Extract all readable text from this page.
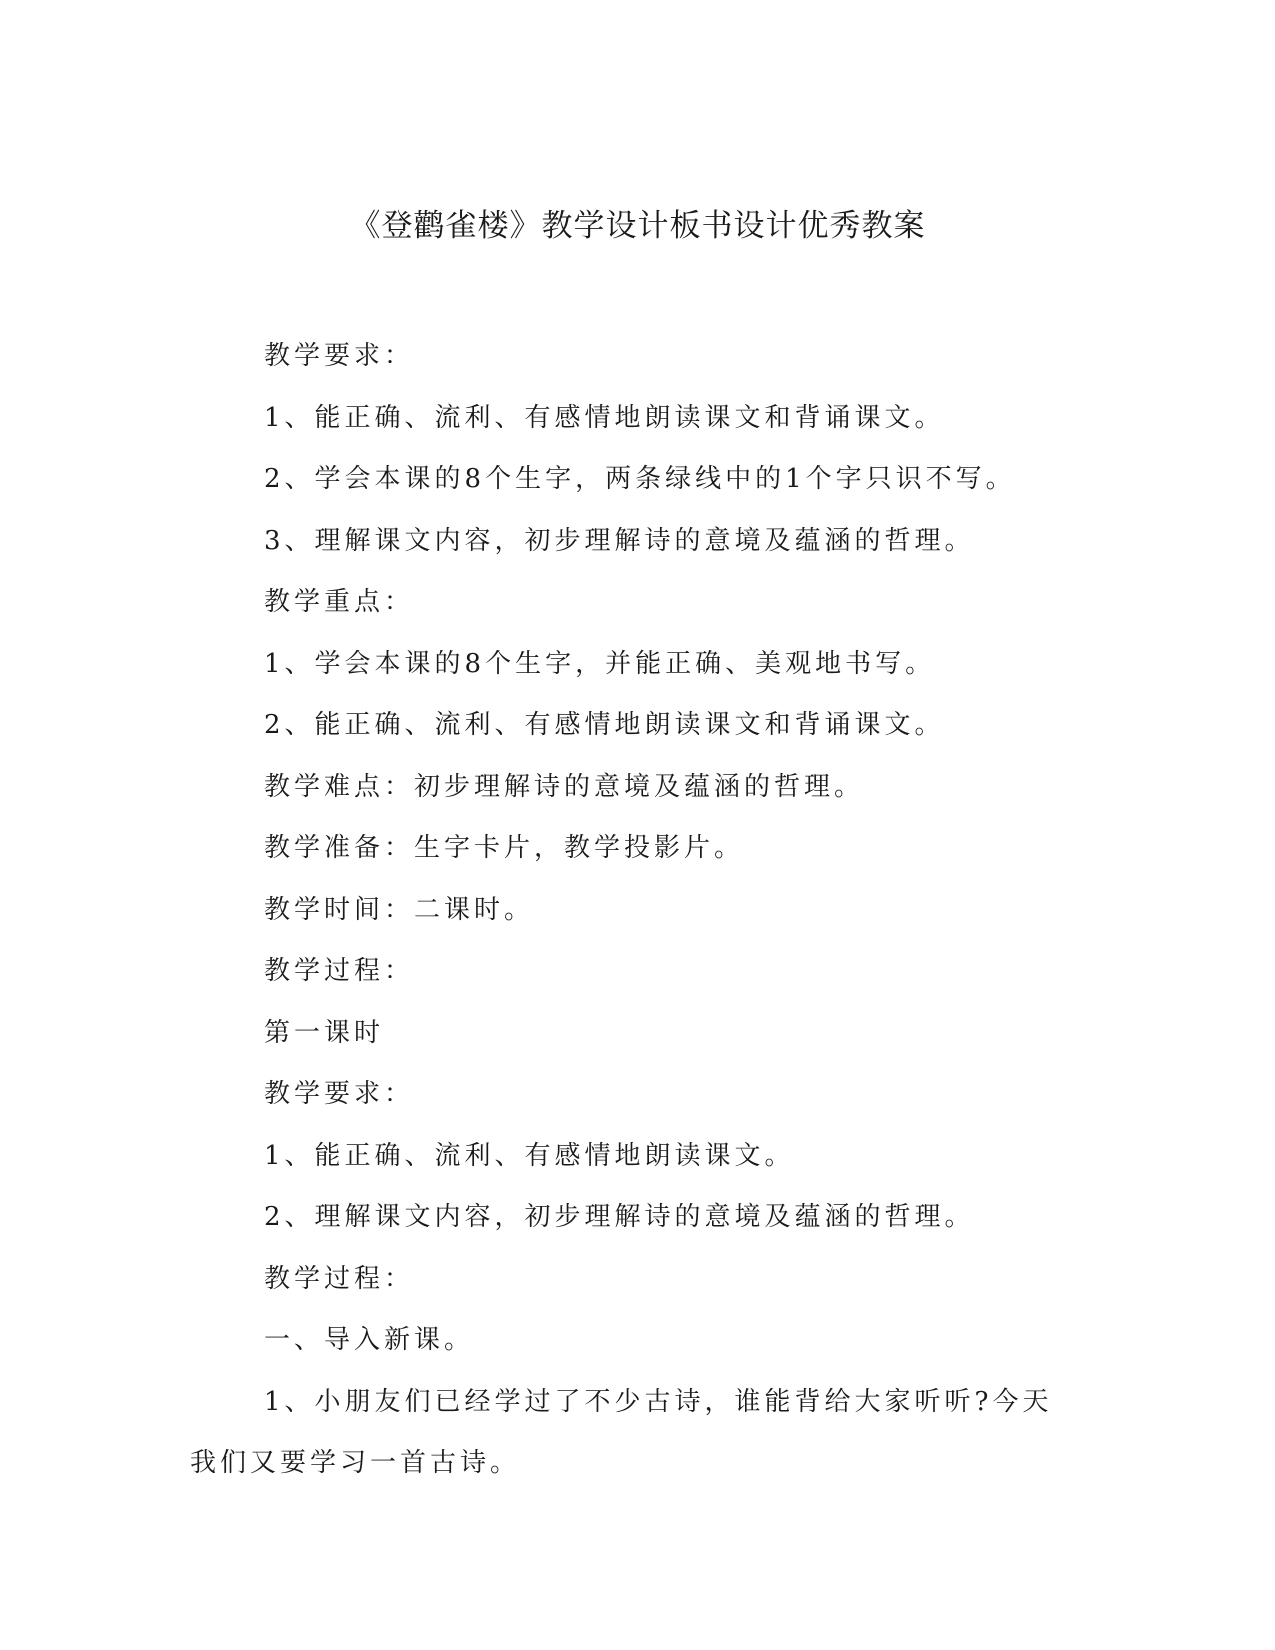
《登鹳雀楼》教学设计板书设计优秀教案

教学要求：

1、能正确、流利、有感情地朗读课文和背诵课文。

2、学会本课的8个生字，两条绿线中的1个字只识不写。

3、理解课文内容，初步理解诗的意境及蕴涵的哲理。

教学重点：

1、学会本课的8个生字，并能正确、美观地书写。

2、能正确、流利、有感情地朗读课文和背诵课文。

教学难点：初步理解诗的意境及蕴涵的哲理。

教学准备：生字卡片，教学投影片。

教学时间：二课时。

教学过程：

第一课时

教学要求：

1、能正确、流利、有感情地朗读课文。

2、理解课文内容，初步理解诗的意境及蕴涵的哲理。

教学过程：

一、导入新课。

1、小朋友们已经学过了不少古诗，谁能背给大家听听?今天我们又要学习一首古诗。
